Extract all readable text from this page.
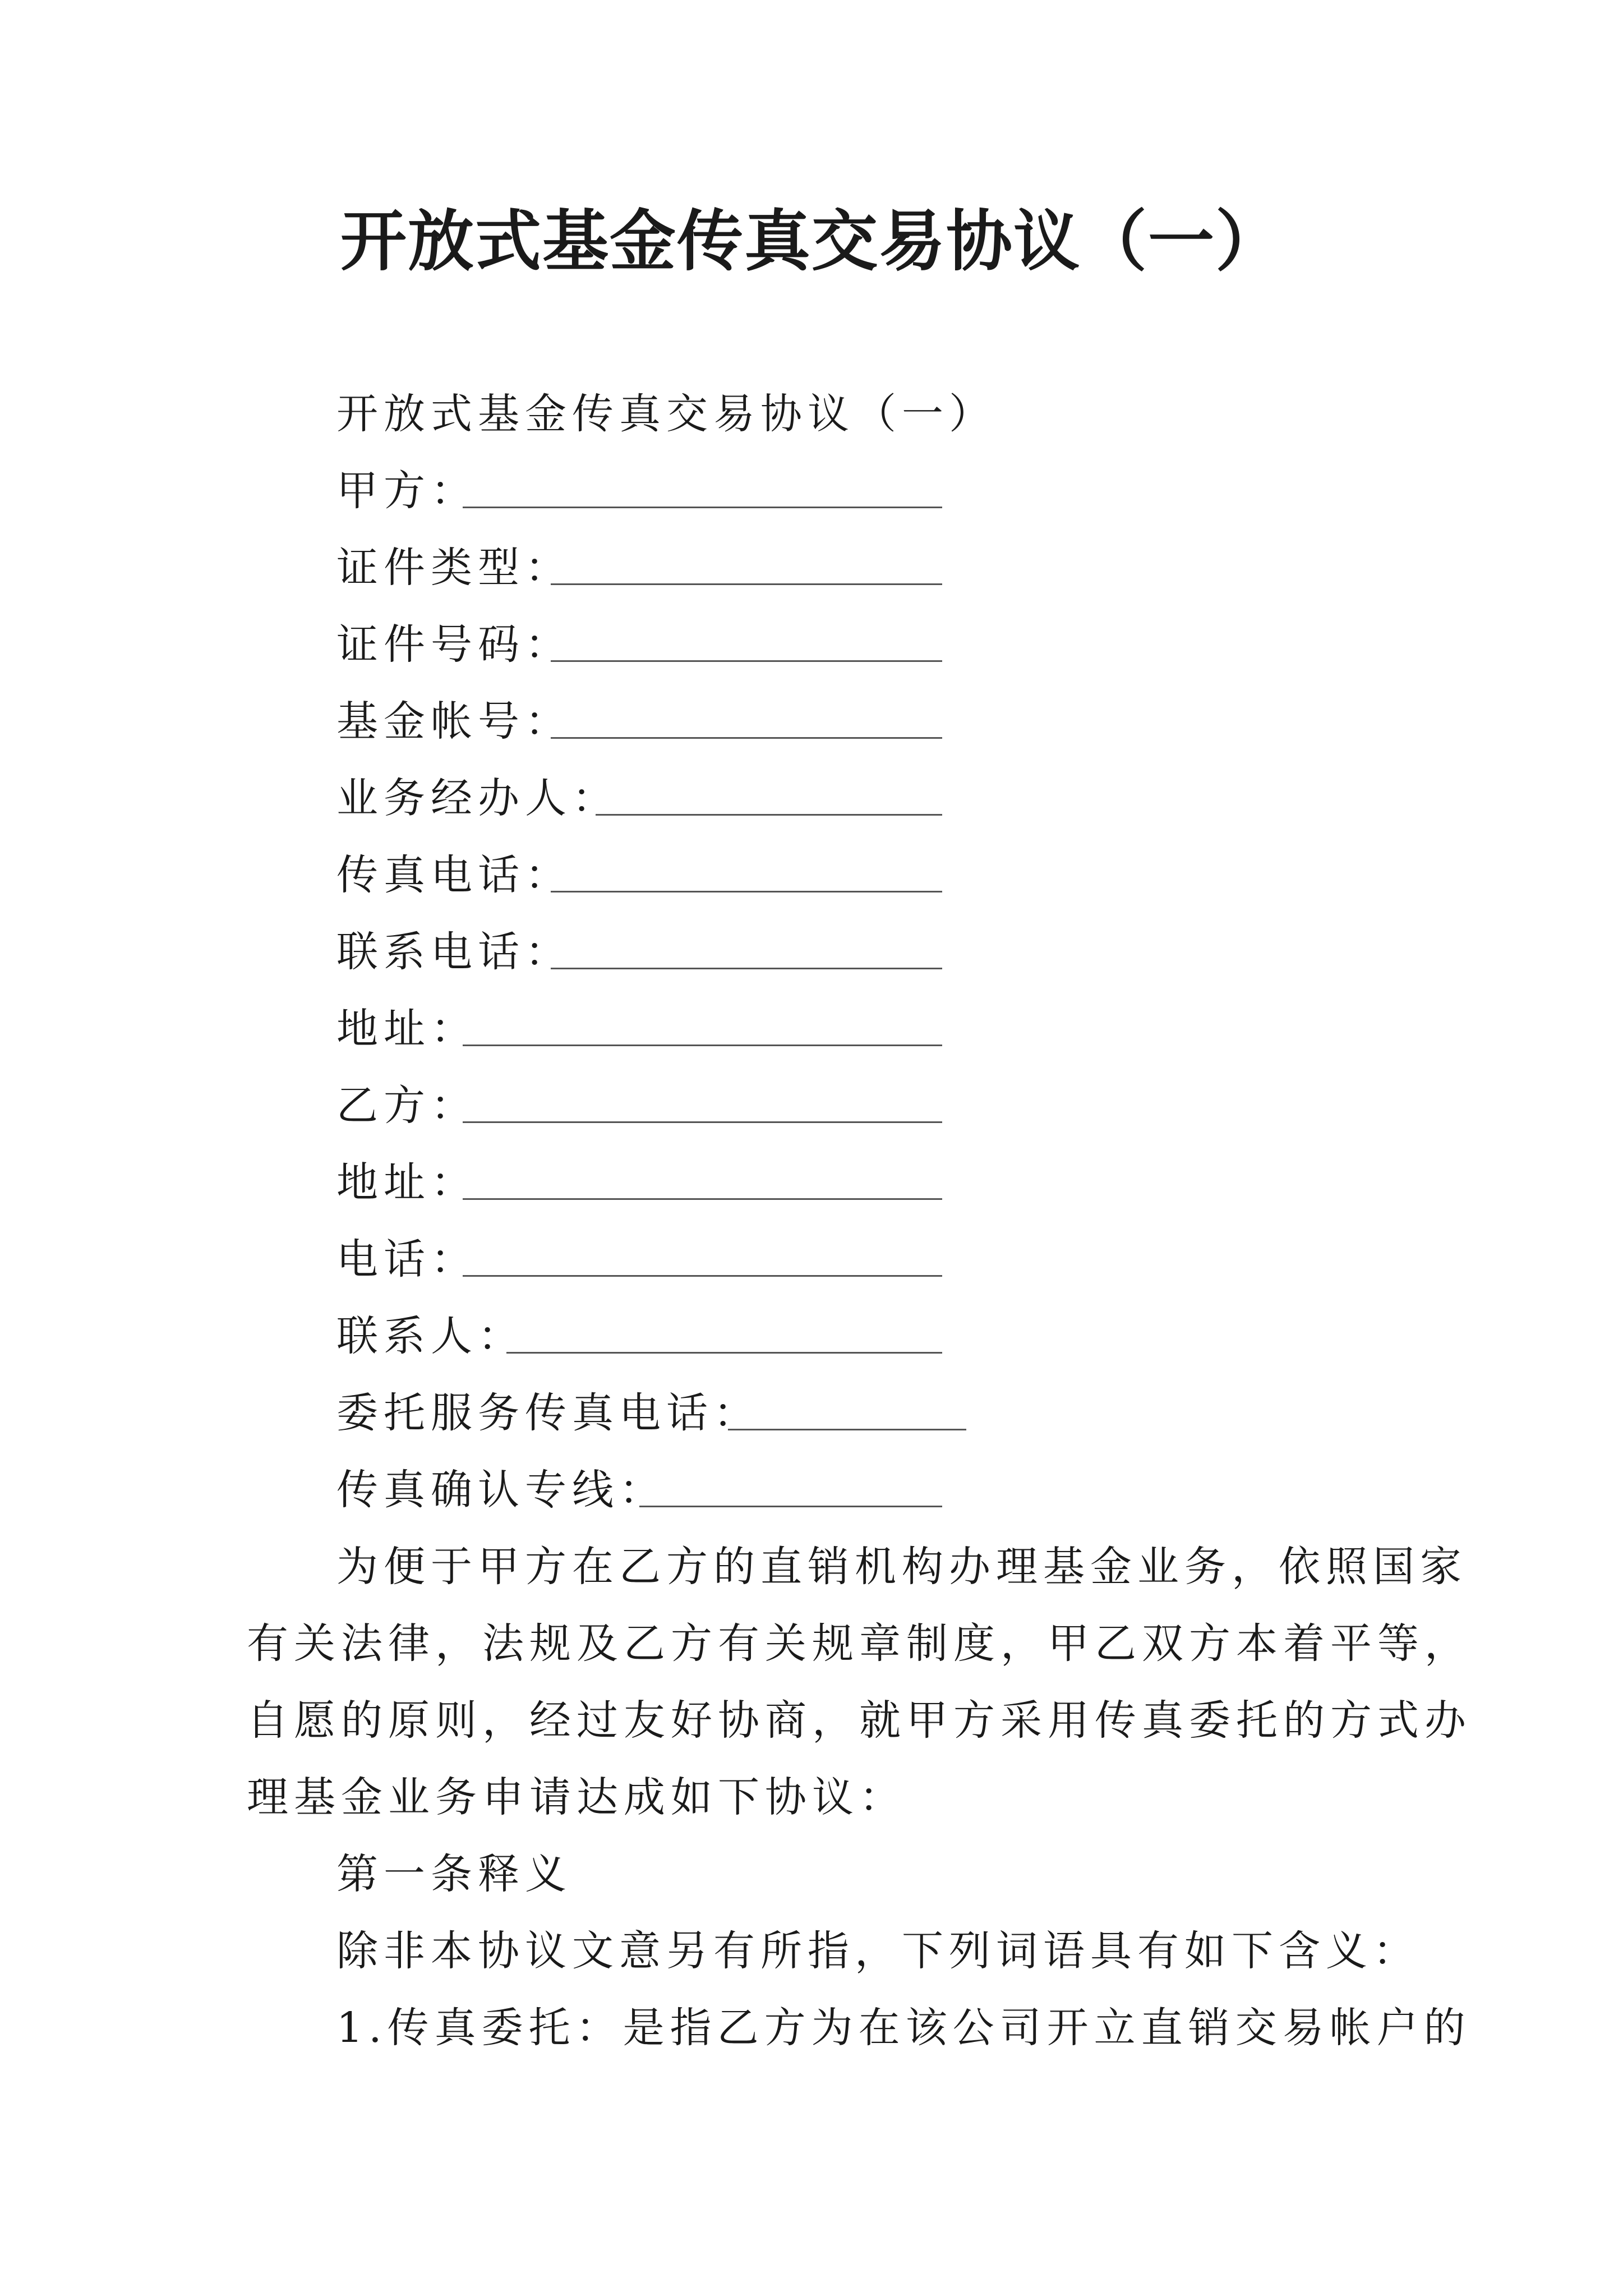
开放式基金传真交易协议（一）
开放式基金传真交易协议（一）
甲方：
证件类型：
证件号码：
基金帐号：
业务经办人：
传真电话：
联系电话：
地址：
乙方：
地址：
电话：
联系人：
委托服务传真电话：
传真确认专线：
为便于甲方在乙方的直销机构办理基金业务，依照国家
有关法律，法规及乙方有关规章制度，甲乙双方本着平等，
自愿的原则，经过友好协商，就甲方采用传真委托的方式办
理基金业务申请达成如下协议：
第一条释义
除非本协议文意另有所指，下列词语具有如下含义：
1.传真委托：是指乙方为在该公司开立直销交易帐户的
